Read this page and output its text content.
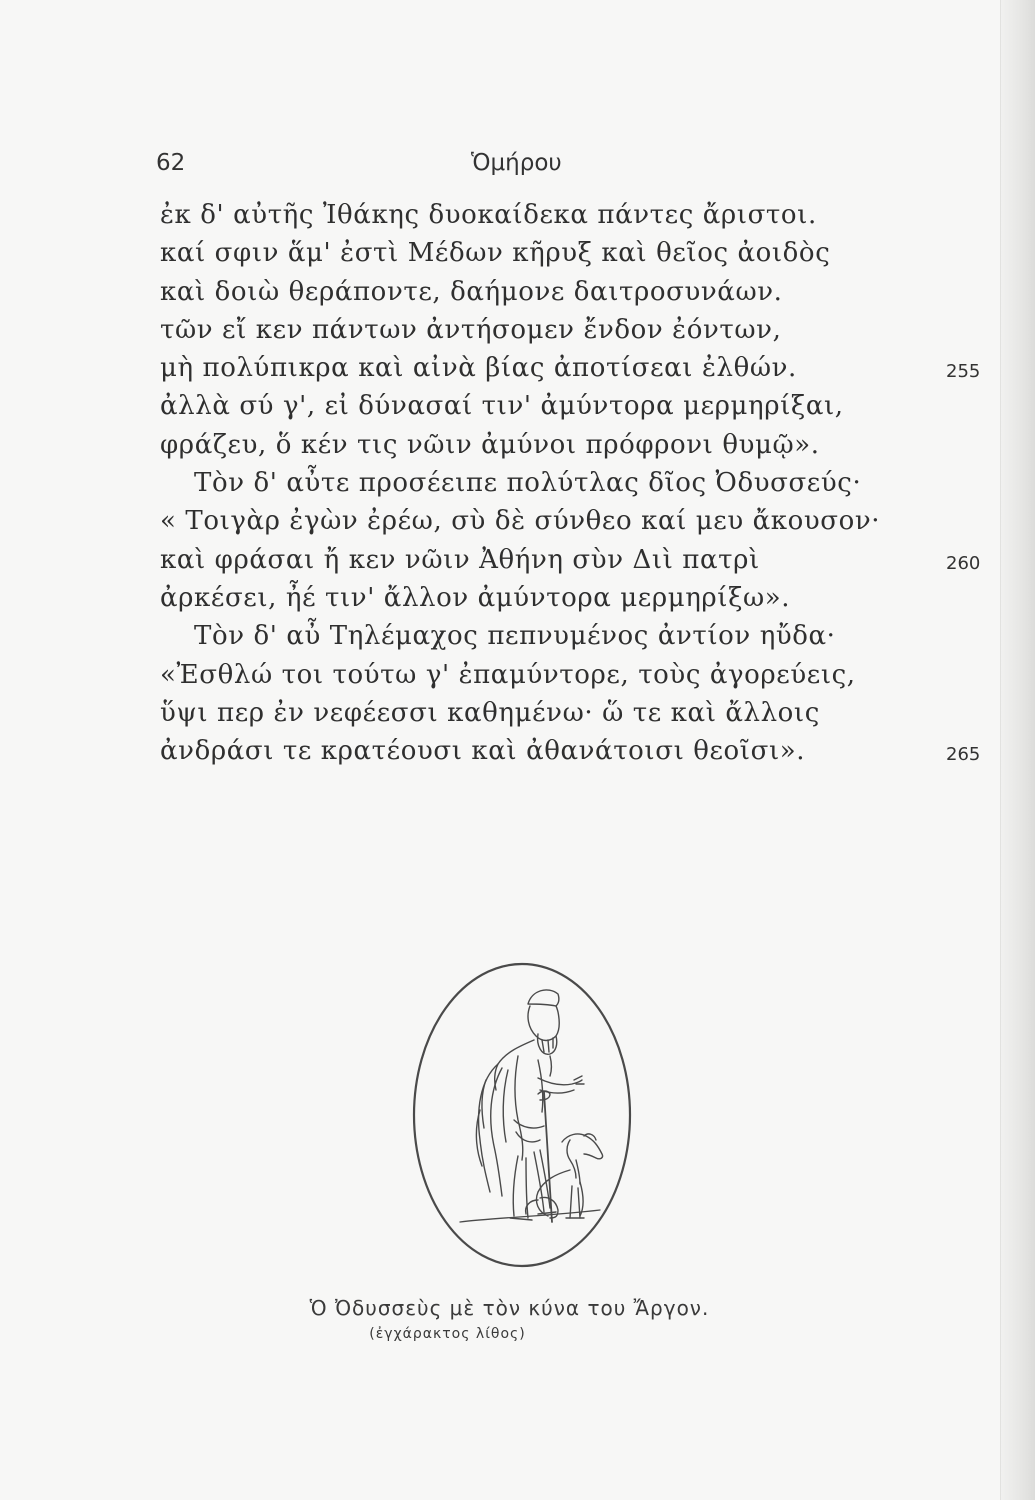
62	Ὁμήρου
ἐκ δ' αὐτῆς Ἰθάκης δυοκαίδεκα πάντες ἄριστοι.
καί σφιν ἅμ' ἐστὶ Μέδων κῆρυξ καὶ θεῖος ἀοιδὸς
καὶ δοιὼ θεράποντε, δαήμονε δαιτροσυνάων.
τῶν εἴ κεν πάντων ἀντήσομεν ἔνδον ἐόντων,
μὴ πολύπικρα καὶ αἰνὰ βίας ἀποτίσεαι ἐλθών.	255
ἀλλὰ σύ γ', εἰ δύνασαί τιν' ἀμύντορα μερμηρίξαι,
φράζευ, ὅ κέν τις νῶιν ἀμύνοι πρόφρονι θυμῷ».
Τὸν δ' αὖτε προσέειπε πολύτλας δῖος Ὀδυσσεύς·
« Τοιγὰρ ἐγὼν ἐρέω, σὺ δὲ σύνθεο καί μευ ἄκουσον·
καὶ φράσαι ἤ κεν νῶιν Ἀθήνη σὺν Διὶ πατρὶ	260
ἀρκέσει, ἦέ τιν' ἄλλον ἀμύντορα μερμηρίξω».
Τὸν δ' αὖ Τηλέμαχος πεπνυμένος ἀντίον ηὔδα·
«Ἐσθλώ τοι τούτω γ' ἐπαμύντορε, τοὺς ἀγορεύεις,
ὕψι περ ἐν νεφέεσσι καθημένω· ὥ τε καὶ ἄλλοις
ἀνδράσι τε κρατέουσι καὶ ἀθανάτοισι θεοῖσι».	265
Ὁ Ὀδυσσεὺς μὲ τὸν κύνα του Ἄργον.
(ἐγχάρακτος λίθος)
